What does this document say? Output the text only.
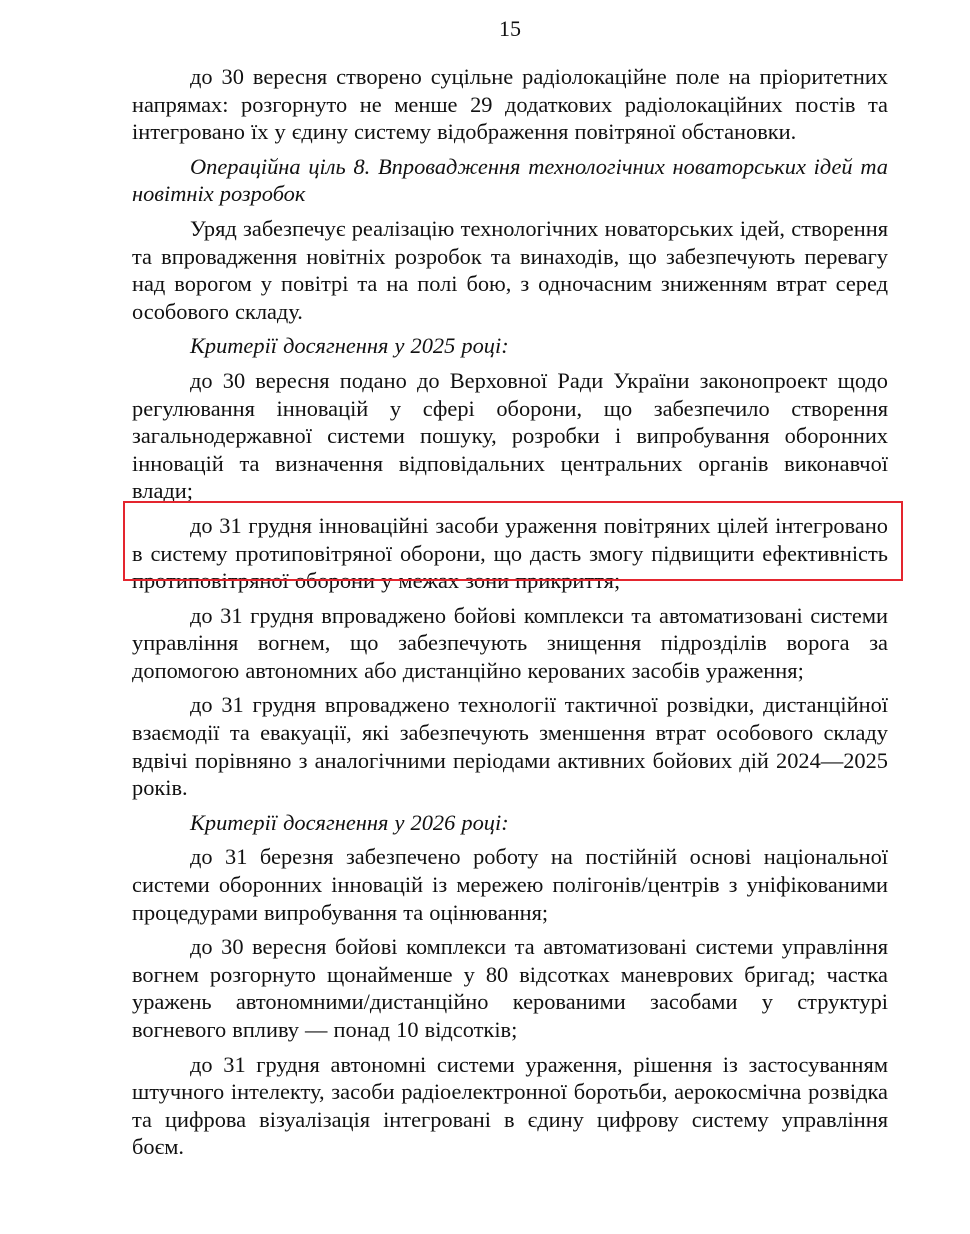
15

до 30 вересня створено суцільне радіолокаційне поле на пріоритетних напрямах: розгорнуто не менше 29 додаткових радіолокаційних постів та інтегровано їх у єдину систему відображення повітряної обстановки.

Операційна ціль 8. Впровадження технологічних новаторських ідей та новітніх розробок

Уряд забезпечує реалізацію технологічних новаторських ідей, створення та впровадження новітніх розробок та винаходів, що забезпечують перевагу над ворогом у повітрі та на полі бою, з одночасним зниженням втрат серед особового складу.

Критерії досягнення у 2025 році:

до 30 вересня подано до Верховної Ради України законопроект щодо регулювання інновацій у сфері оборони, що забезпечило створення загальнодержавної системи пошуку, розробки і випробування оборонних інновацій та визначення відповідальних центральних органів виконавчої влади;

до 31 грудня інноваційні засоби ураження повітряних цілей інтегровано в систему протиповітряної оборони, що дасть змогу підвищити ефективність протиповітряної оборони у межах зони прикриття;

до 31 грудня впроваджено бойові комплекси та автоматизовані системи управління вогнем, що забезпечують знищення підрозділів ворога за допомогою автономних або дистанційно керованих засобів ураження;

до 31 грудня впроваджено технології тактичної розвідки, дистанційної взаємодії та евакуації, які забезпечують зменшення втрат особового складу вдвічі порівняно з аналогічними періодами активних бойових дій 2024—2025 років.

Критерії досягнення у 2026 році:

до 31 березня забезпечено роботу на постійній основі національної системи оборонних інновацій із мережею полігонів/центрів з уніфікованими процедурами випробування та оцінювання;

до 30 вересня бойові комплекси та автоматизовані системи управління вогнем розгорнуто щонайменше у 80 відсотках маневрових бригад; частка уражень автономними/дистанційно керованими засобами у структурі вогневого впливу — понад 10 відсотків;

до 31 грудня автономні системи ураження, рішення із застосуванням штучного інтелекту, засоби радіоелектронної боротьби, аерокосмічна розвідка та цифрова візуалізація інтегровані в єдину цифрову систему управління боєм.
